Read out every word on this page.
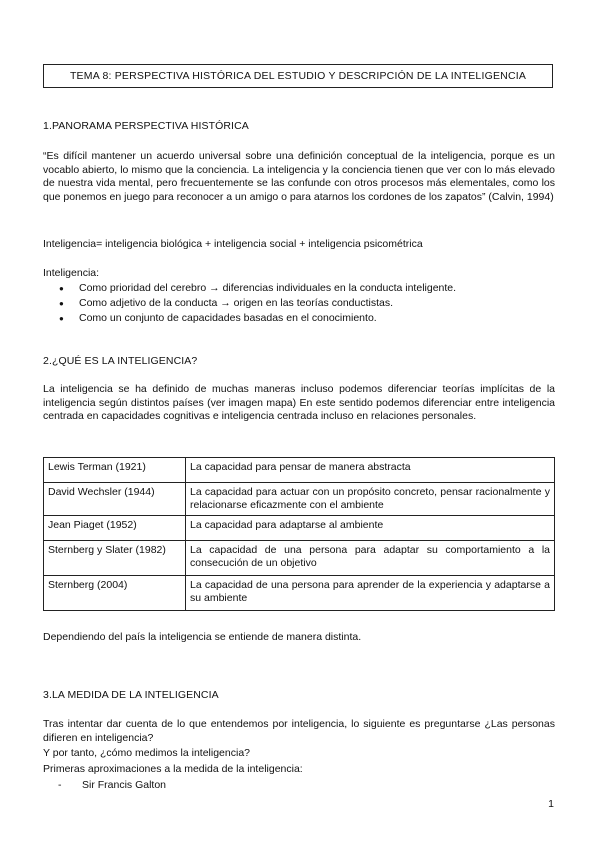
TEMA 8: PERSPECTIVA HISTÓRICA DEL ESTUDIO Y DESCRIPCIÓN DE LA INTELIGENCIA
1.PANORAMA PERSPECTIVA HISTÓRICA
“Es difícil mantener un acuerdo universal sobre una definición conceptual de la inteligencia, porque es un vocablo abierto, lo mismo que la conciencia. La inteligencia y la conciencia tienen que ver con lo más elevado de nuestra vida mental, pero frecuentemente se las confunde con otros procesos más elementales, como los que ponemos en juego para reconocer a un amigo o para atarnos los cordones de los zapatos” (Calvin, 1994)
Inteligencia= inteligencia biológica + inteligencia social + inteligencia psicométrica
Inteligencia:
● Como prioridad del cerebro → diferencias individuales en la conducta inteligente.
● Como adjetivo de la conducta → origen en las teorías conductistas.
● Como un conjunto de capacidades basadas en el conocimiento.
2.¿QUÉ ES LA INTELIGENCIA?
La inteligencia se ha definido de muchas maneras incluso podemos diferenciar teorías implícitas de la inteligencia según distintos países (ver imagen mapa) En este sentido podemos diferenciar entre inteligencia centrada en capacidades cognitivas e inteligencia centrada incluso en relaciones personales.
Lewis Terman (1921)	La capacidad para pensar de manera abstracta
David Wechsler (1944)	La capacidad para actuar con un propósito concreto, pensar racionalmente y relacionarse eficazmente con el ambiente
Jean Piaget (1952)	La capacidad para adaptarse al ambiente
Sternberg y Slater (1982)	La capacidad de una persona para adaptar su comportamiento a la consecución de un objetivo
Sternberg (2004)	La capacidad de una persona para aprender de la experiencia y adaptarse a su ambiente
Dependiendo del país la inteligencia se entiende de manera distinta.
3.LA MEDIDA DE LA INTELIGENCIA
Tras intentar dar cuenta de lo que entendemos por inteligencia, lo siguiente es preguntarse ¿Las personas difieren en inteligencia?
Y por tanto, ¿cómo medimos la inteligencia?
Primeras aproximaciones a la medida de la inteligencia:
- Sir Francis Galton
1
